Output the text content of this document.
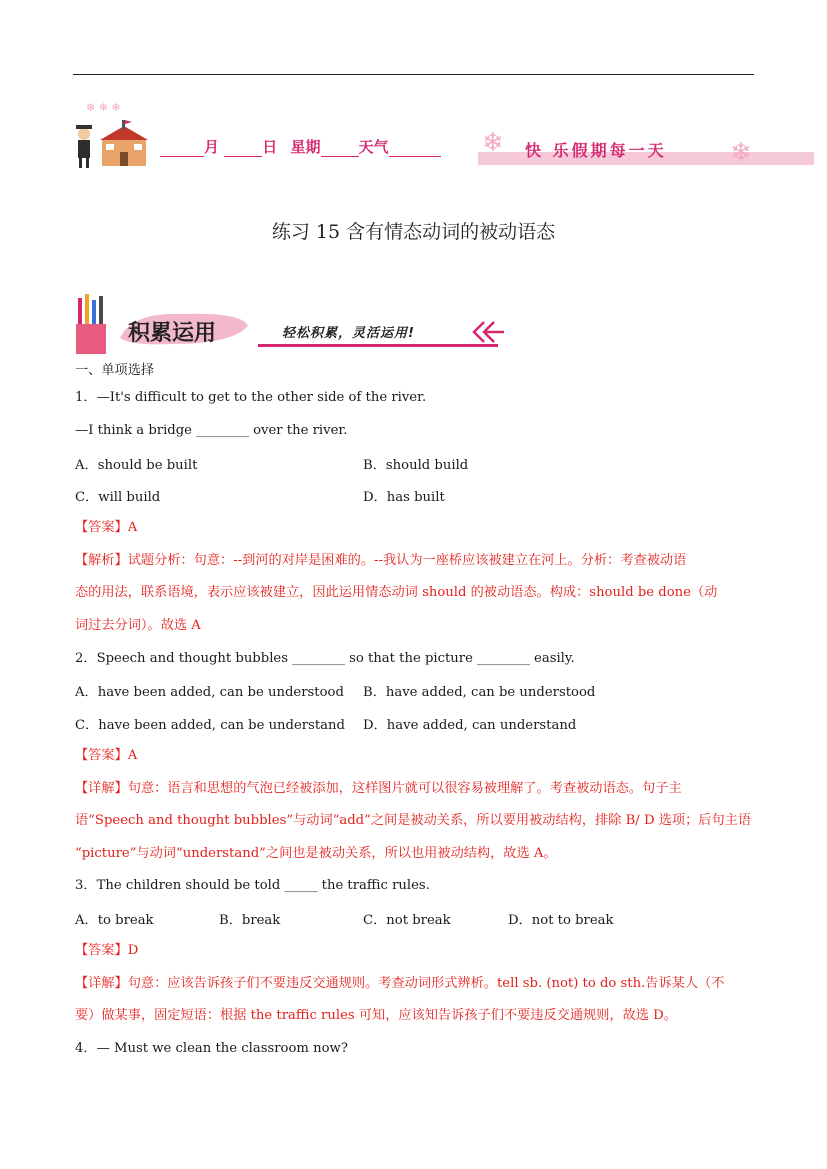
❄ ❄ ❄
月	日 星期	天气	❄ 快 乐假期每一天 ❄
练习 15 含有情态动词的被动语态
积累运用	轻松积累，灵活运用!
一、单项选择
1．—It's difficult to get to the other side of the river.
—I think a bridge ________ over the river.
A．should be built	B．should build
C．will build	D．has built
【答案】A
【解析】试题分析：句意：--到河的对岸是困难的。--我认为一座桥应该被建立在河上。分析：考查被动语
态的用法，联系语境，表示应该被建立，因此运用情态动词 should 的被动语态。构成：should be done（动
词过去分词）。故选 A
2．Speech and thought bubbles ________ so that the picture ________ easily.
A．have been added, can be understood B．have added, can be understood
C．have been added, can be understand D．have added, can understand
【答案】A
【详解】句意：语言和思想的气泡已经被添加，这样图片就可以很容易被理解了。考查被动语态。句子主
语“Speech and thought bubbles”与动词“add”之间是被动关系，所以要用被动结构，排除 B/ D 选项；后句主语
“picture”与动词“understand”之间也是被动关系，所以也用被动结构，故选 A。
3．The children should be told _____ the traffic rules.
A．to break	B．break	C．not break	D．not to break
【答案】D
【详解】句意：应该告诉孩子们不要违反交通规则。考查动词形式辨析。tell sb. (not) to do sth.告诉某人（不
要）做某事，固定短语：根据 the traffic rules 可知，应该知告诉孩子们不要违反交通规则，故选 D。
4．— Must we clean the classroom now?
